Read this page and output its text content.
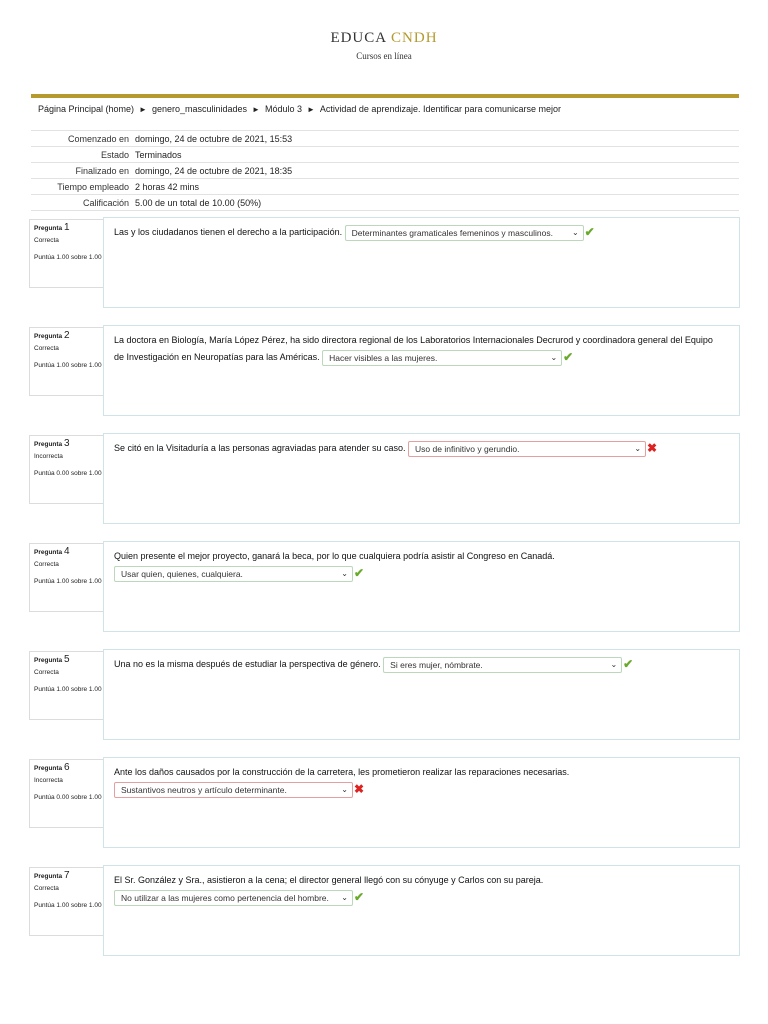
EDUCA CNDH
Cursos en línea
Página Principal (home) ► genero_masculinidades ► Módulo 3 ► Actividad de aprendizaje. Identificar para comunicarse mejor
Comenzado en	domingo, 24 de octubre de 2021, 15:53
Estado	Terminados
Finalizado en	domingo, 24 de octubre de 2021, 18:35
Tiempo empleado	2 horas 42 mins
Calificación	5.00 de un total de 10.00 (50%)
Pregunta 1
Correcta
Puntúa 1.00 sobre 1.00
Las y los ciudadanos tienen el derecho a la participación. Determinantes gramaticales femeninos y masculinos. ⌄ ✔
Pregunta 2
Correcta
Puntúa 1.00 sobre 1.00
La doctora en Biología, María López Pérez, ha sido directora regional de los Laboratorios Internacionales Decrurod y coordinadora general del Equipo de Investigación en Neuropatías para las Américas. Hacer visibles a las mujeres.	⌄ ✔
Pregunta 3
Incorrecta
Puntúa 0.00 sobre 1.00
Se citó en la Visitaduría a las personas agraviadas para atender su caso. Uso de infinitivo y gerundio.	⌄ ✖
Pregunta 4
Correcta
Puntúa 1.00 sobre 1.00
Quien presente el mejor proyecto, ganará la beca, por lo que cualquiera podría asistir al Congreso en Canadá.
Usar quien, quienes, cualquiera.	⌄ ✔
Pregunta 5
Correcta
Puntúa 1.00 sobre 1.00
Una no es la misma después de estudiar la perspectiva de género. Si eres mujer, nómbrate.	⌄ ✔
Pregunta 6
Incorrecta
Puntúa 0.00 sobre 1.00
Ante los daños causados por la construcción de la carretera, les prometieron realizar las reparaciones necesarias.
Sustantivos neutros y artículo determinante.	⌄ ✖
Pregunta 7
Correcta
Puntúa 1.00 sobre 1.00
El Sr. González y Sra., asistieron a la cena; el director general llegó con su cónyuge y Carlos con su pareja.
No utilizar a las mujeres como pertenencia del hombre. ⌄ ✔
